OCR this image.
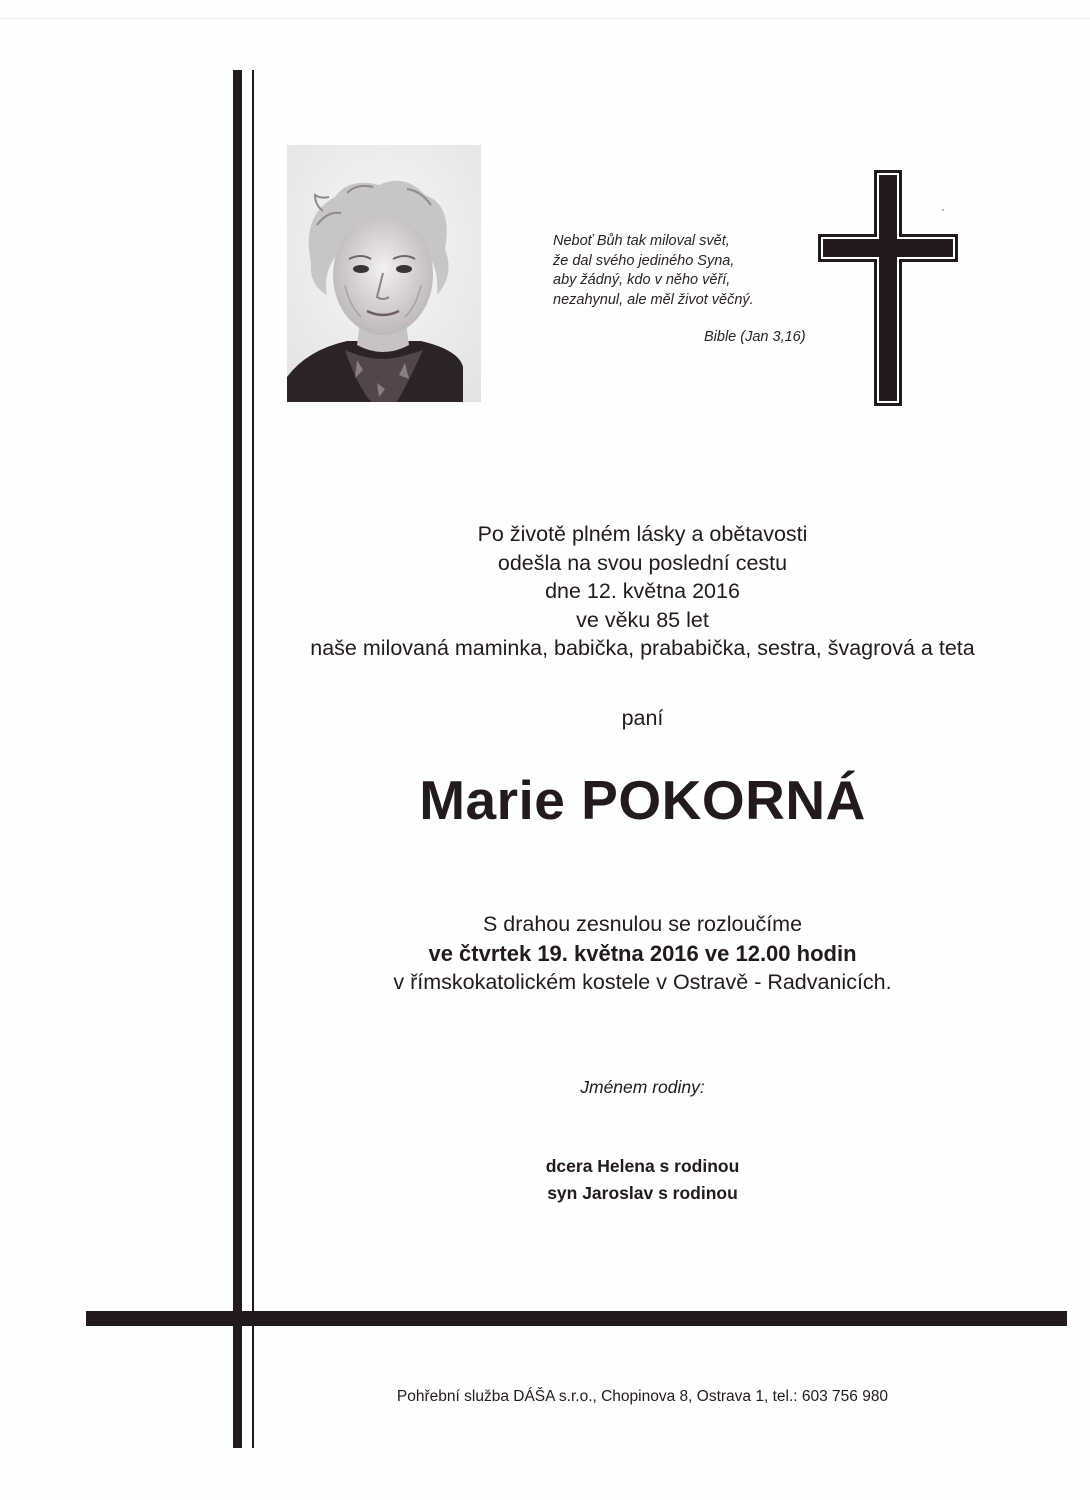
Neboť Bůh tak miloval svět,
že dal svého jediného Syna,
aby žádný, kdo v něho věří,
nezahynul, ale měl život věčný.
Bible (Jan 3,16)
Po životě plném lásky a obětavosti
odešla na svou poslední cestu
dne 12. května 2016
ve věku 85 let
naše milovaná maminka, babička, prababička, sestra, švagrová a teta
paní
Marie POKORNÁ
S drahou zesnulou se rozloučíme
ve čtvrtek 19. května 2016 ve 12.00 hodin
v římskokatolickém kostele v Ostravě - Radvanicích.
Jménem rodiny:
dcera Helena s rodinou
syn Jaroslav s rodinou
Pohřební služba DÁŠA s.r.o., Chopinova 8, Ostrava 1, tel.: 603 756 980
